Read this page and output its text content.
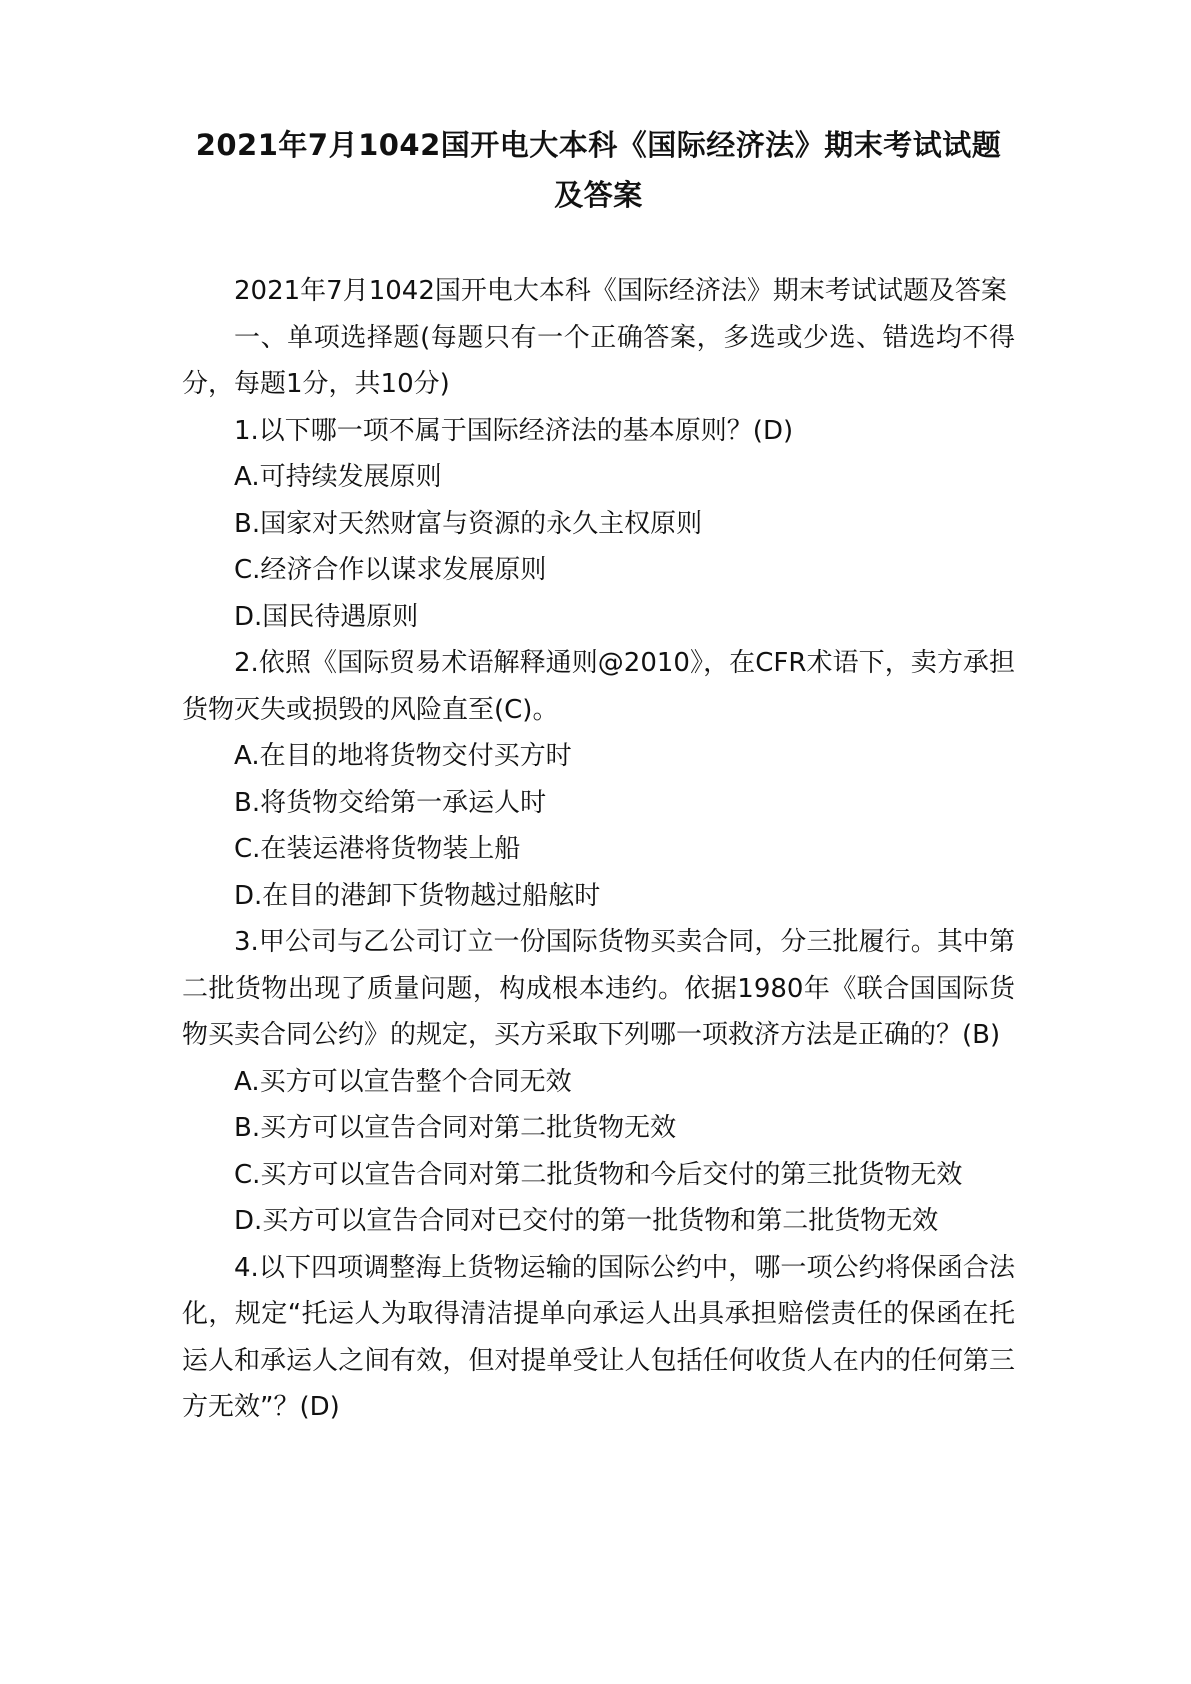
2021年7月1042国开电大本科《国际经济法》期末考试试题及答案

2021年7月1042国开电大本科《国际经济法》期末考试试题及答案

一、单项选择题(每题只有一个正确答案，多选或少选、错选均不得分，每题1分，共10分)

1.以下哪一项不属于国际经济法的基本原则？(D)

A.可持续发展原则

B.国家对天然财富与资源的永久主权原则

C.经济合作以谋求发展原则

D.国民待遇原则

2.依照《国际贸易术语解释通则@2010》，在CFR术语下，卖方承担货物灭失或损毁的风险直至(C)。

A.在目的地将货物交付买方时

B.将货物交给第一承运人时

C.在装运港将货物装上船

D.在目的港卸下货物越过船舷时

3.甲公司与乙公司订立一份国际货物买卖合同，分三批履行。其中第二批货物出现了质量问题，构成根本违约。依据1980年《联合国国际货物买卖合同公约》的规定，买方采取下列哪一项救济方法是正确的？(B)

A.买方可以宣告整个合同无效

B.买方可以宣告合同对第二批货物无效

C.买方可以宣告合同对第二批货物和今后交付的第三批货物无效

D.买方可以宣告合同对已交付的第一批货物和第二批货物无效

4.以下四项调整海上货物运输的国际公约中，哪一项公约将保函合法化，规定“托运人为取得清洁提单向承运人出具承担赔偿责任的保函在托运人和承运人之间有效，但对提单受让人包括任何收货人在内的任何第三方无效”？(D)
